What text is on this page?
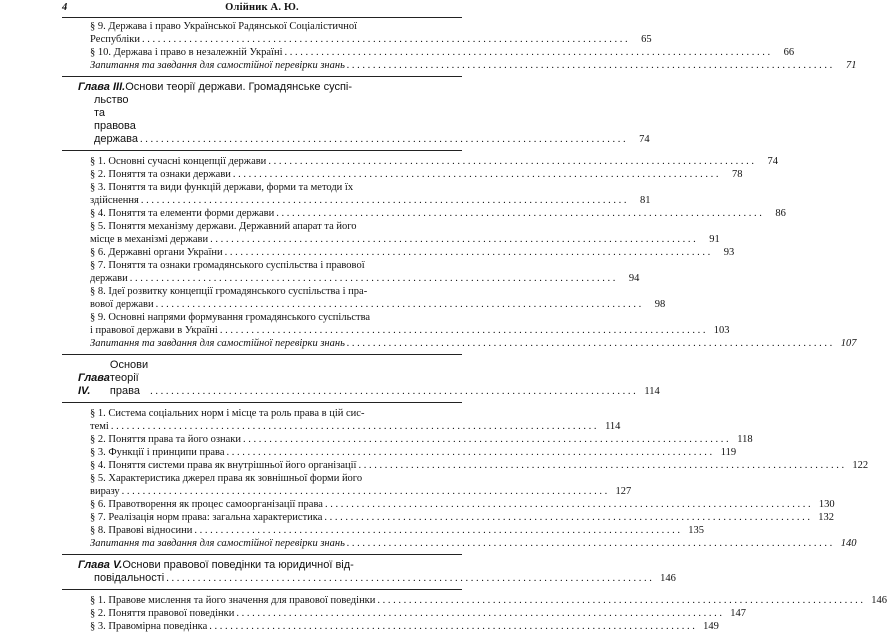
4	Олійник А. Ю.
§ 9. Держава і право Української Радянської Соціалістичної
Республіки . . . . . . . . . . . . . . . . . . . . . . . . . . . . . . . . . . . . . . . . . . . . . . . . . . . . . . . . . . . . . . . . . . . . . . . . . . . . . . . . . . . . . . . . . . . . .	65
§ 10. Держава і право в незалежній Україні . . . . . . . . . . . . . . . . . . . . . . . . . . . . . . . . . . . . . . . . . . . . . . . . . . . . . . . . . . . . . . . . . . . . . . . . . . . . . . . . . . . . . . . . . . . . .	66
Запитання та завдання для самостійної перевірки знань . . . . . . . . . . . . . . . . . . . . . . . . . . . . . . . . . . . . . . . . . . . . . . . . . . . . . . . . . . . . . . . . . . . . . . . . . . . . . . . . . . . . . . . . . . . . .	71
Глава III. Основи теорії держави. Громадянське суспі-
льство та правова держава . . . . . . . . . . . . . . . . . . . . . . . . . . . . . . . . . . . . . . . . . . . . . . . . . . . . . . . . . . . . . . . . . . . . . . . . . . . . . . . . . . . . . . . . . . . . .	74
§ 1. Основні сучасні концепції держави . . . . . . . . . . . . . . . . . . . . . . . . . . . . . . . . . . . . . . . . . . . . . . . . . . . . . . . . . . . . . . . . . . . . . . . . . . . . . . . . . . . . . . . . . . . . .	74
§ 2. Поняття та ознаки держави . . . . . . . . . . . . . . . . . . . . . . . . . . . . . . . . . . . . . . . . . . . . . . . . . . . . . . . . . . . . . . . . . . . . . . . . . . . . . . . . . . . . . . . . . . . . .	78
§ 3. Поняття та види функцій держави, форми та методи їх
здійснення . . . . . . . . . . . . . . . . . . . . . . . . . . . . . . . . . . . . . . . . . . . . . . . . . . . . . . . . . . . . . . . . . . . . . . . . . . . . . . . . . . . . . . . . . . . . .	81
§ 4. Поняття та елементи форми держави . . . . . . . . . . . . . . . . . . . . . . . . . . . . . . . . . . . . . . . . . . . . . . . . . . . . . . . . . . . . . . . . . . . . . . . . . . . . . . . . . . . . . . . . . . . . .	86
§ 5. Поняття механізму держави. Державний апарат та його
місце в механізмі держави . . . . . . . . . . . . . . . . . . . . . . . . . . . . . . . . . . . . . . . . . . . . . . . . . . . . . . . . . . . . . . . . . . . . . . . . . . . . . . . . . . . . . . . . . . . . .	91
§ 6. Державні органи України . . . . . . . . . . . . . . . . . . . . . . . . . . . . . . . . . . . . . . . . . . . . . . . . . . . . . . . . . . . . . . . . . . . . . . . . . . . . . . . . . . . . . . . . . . . . .	93
§ 7. Поняття та ознаки громадянського суспільства і правової
держави . . . . . . . . . . . . . . . . . . . . . . . . . . . . . . . . . . . . . . . . . . . . . . . . . . . . . . . . . . . . . . . . . . . . . . . . . . . . . . . . . . . . . . . . . . . . .	94
§ 8. Ідеї розвитку концепції громадянського суспільства і пра-
вової держави . . . . . . . . . . . . . . . . . . . . . . . . . . . . . . . . . . . . . . . . . . . . . . . . . . . . . . . . . . . . . . . . . . . . . . . . . . . . . . . . . . . . . . . . . . . . .	98
§ 9. Основні напрями формування громадянського суспільства
і правової держави в Україні . . . . . . . . . . . . . . . . . . . . . . . . . . . . . . . . . . . . . . . . . . . . . . . . . . . . . . . . . . . . . . . . . . . . . . . . . . . . . . . . . . . . . . . . . . . . . 103
Запитання та завдання для самостійної перевірки знань . . . . . . . . . . . . . . . . . . . . . . . . . . . . . . . . . . . . . . . . . . . . . . . . . . . . . . . . . . . . . . . . . . . . . . . . . . . . . . . . . . . . . . . . . . . . . 107
Глава IV.
Основи теорії права . . . . . . . . . . . . . . . . . . . . . . . . . . . . . . . . . . . . . . . . . . . . . . . . . . . . . . . . . . . . . . . . . . . . . . . . . . . . . . . . . . . . . . . . . . . . . 114
§ 1. Система соціальних норм і місце та роль права в цій сис-
темі . . . . . . . . . . . . . . . . . . . . . . . . . . . . . . . . . . . . . . . . . . . . . . . . . . . . . . . . . . . . . . . . . . . . . . . . . . . . . . . . . . . . . . . . . . . . . 114
§ 2. Поняття права та його ознаки . . . . . . . . . . . . . . . . . . . . . . . . . . . . . . . . . . . . . . . . . . . . . . . . . . . . . . . . . . . . . . . . . . . . . . . . . . . . . . . . . . . . . . . . . . . . . 118
§ 3. Функції і принципи права . . . . . . . . . . . . . . . . . . . . . . . . . . . . . . . . . . . . . . . . . . . . . . . . . . . . . . . . . . . . . . . . . . . . . . . . . . . . . . . . . . . . . . . . . . . . . 119
§ 4. Поняття системи права як внутрішньої його організації . . . . . . . . . . . . . . . . . . . . . . . . . . . . . . . . . . . . . . . . . . . . . . . . . . . . . . . . . . . . . . . . . . . . . . . . . . . . . . . . . . . . . . . . . . . . . 122
§ 5. Характеристика джерел права як зовнішньої форми його
виразу . . . . . . . . . . . . . . . . . . . . . . . . . . . . . . . . . . . . . . . . . . . . . . . . . . . . . . . . . . . . . . . . . . . . . . . . . . . . . . . . . . . . . . . . . . . . . 127
§ 6. Правотворення як процес самоорганізації права . . . . . . . . . . . . . . . . . . . . . . . . . . . . . . . . . . . . . . . . . . . . . . . . . . . . . . . . . . . . . . . . . . . . . . . . . . . . . . . . . . . . . . . . . . . . . 130
§ 7. Реалізація норм права: загальна характеристика . . . . . . . . . . . . . . . . . . . . . . . . . . . . . . . . . . . . . . . . . . . . . . . . . . . . . . . . . . . . . . . . . . . . . . . . . . . . . . . . . . . . . . . . . . . . . 132
§ 8. Правові відносини . . . . . . . . . . . . . . . . . . . . . . . . . . . . . . . . . . . . . . . . . . . . . . . . . . . . . . . . . . . . . . . . . . . . . . . . . . . . . . . . . . . . . . . . . . . . . 135
Запитання та завдання для самостійної перевірки знань . . . . . . . . . . . . . . . . . . . . . . . . . . . . . . . . . . . . . . . . . . . . . . . . . . . . . . . . . . . . . . . . . . . . . . . . . . . . . . . . . . . . . . . . . . . . . 140
Глава V. Основи правової поведінки та юридичної від-
повідальності . . . . . . . . . . . . . . . . . . . . . . . . . . . . . . . . . . . . . . . . . . . . . . . . . . . . . . . . . . . . . . . . . . . . . . . . . . . . . . . . . . . . . . . . . . . . . 146
§ 1. Правове мислення та його значення для правової поведінки . . . . . . . . . . . . . . . . . . . . . . . . . . . . . . . . . . . . . . . . . . . . . . . . . . . . . . . . . . . . . . . . . . . . . . . . . . . . . . . . . . . . . . . . . . . . . 146
§ 2. Поняття правової поведінки . . . . . . . . . . . . . . . . . . . . . . . . . . . . . . . . . . . . . . . . . . . . . . . . . . . . . . . . . . . . . . . . . . . . . . . . . . . . . . . . . . . . . . . . . . . . . 147
§ 3. Правомірна поведінка . . . . . . . . . . . . . . . . . . . . . . . . . . . . . . . . . . . . . . . . . . . . . . . . . . . . . . . . . . . . . . . . . . . . . . . . . . . . . . . . . . . . . . . . . . . . . 149
